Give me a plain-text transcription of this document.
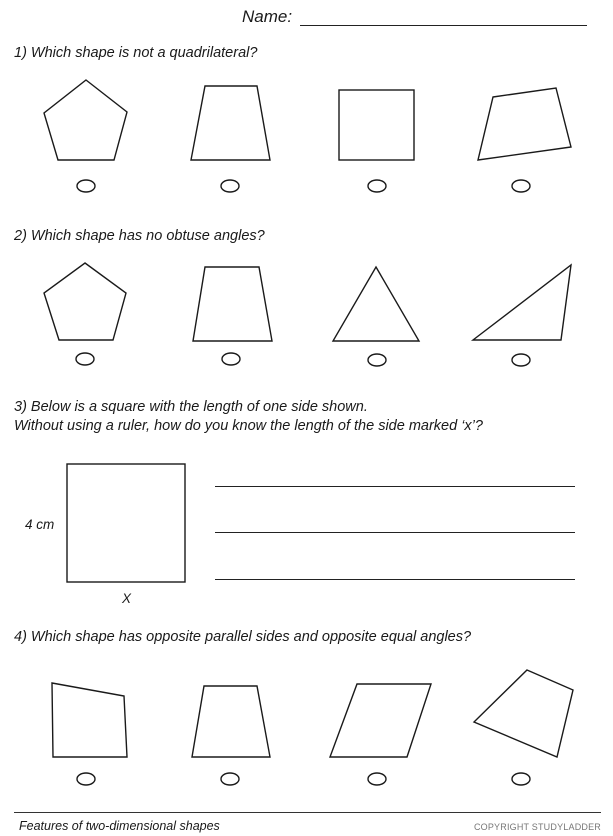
Name:
1) Which shape is not a quadrilateral?
2) Which shape has no obtuse angles?
3) Below is a square with the length of one side shown.
Without using a ruler, how do you know the length of the side marked ‘x’?
4) Which shape has opposite parallel sides and opposite equal angles?
4 cm
X
Features of two-dimensional shapes	COPYRIGHT STUDYLADDER
